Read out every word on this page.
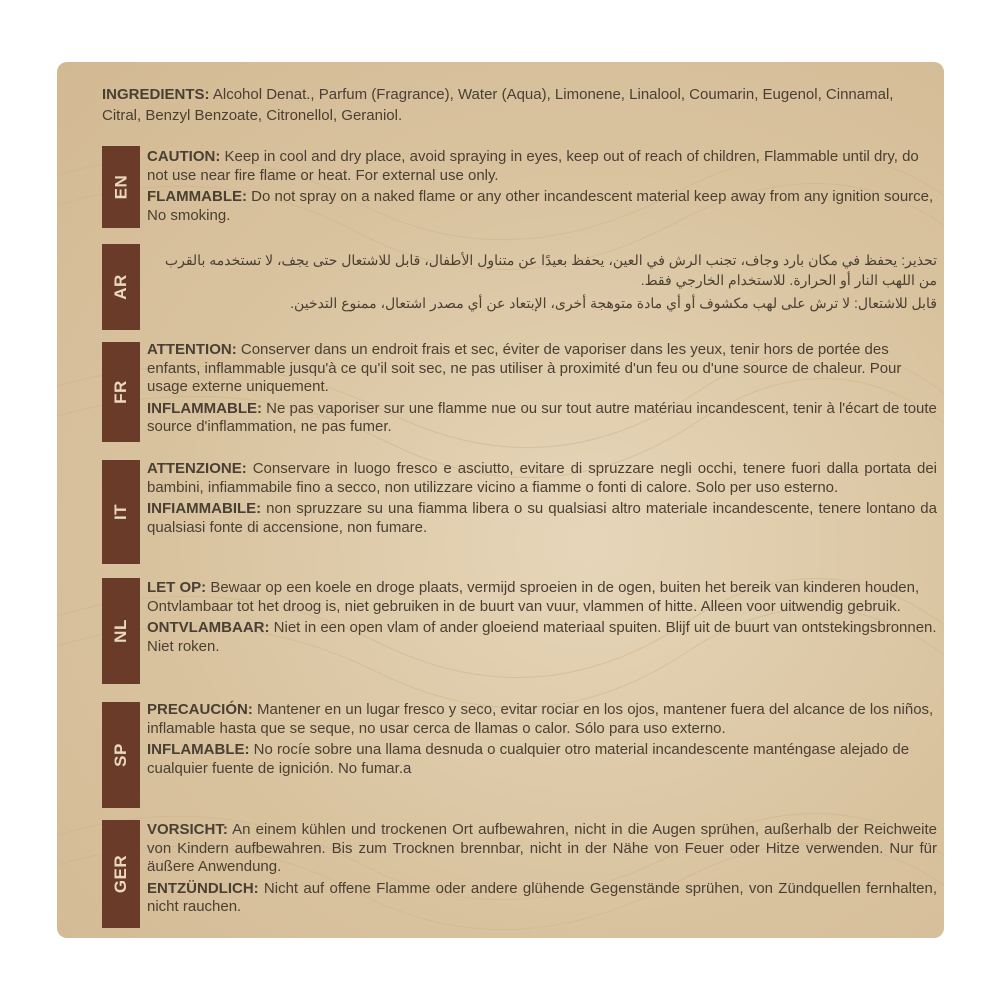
INGREDIENTS: Alcohol Denat., Parfum (Fragrance), Water (Aqua), Limonene, Linalool, Coumarin, Eugenol, Cinnamal, Citral, Benzyl Benzoate, Citronellol, Geraniol.
EN

CAUTION: Keep in cool and dry place, avoid spraying in eyes, keep out of reach of children, Flammable until dry, do not use near fire flame or heat. For external use only.

FLAMMABLE: Do not spray on a naked flame or any other incandescent material keep away from any ignition source, No smoking.

AR

تحذير: يحفظ في مكان بارد وجاف، تجنب الرش في العين، يحفظ بعيدًا عن متناول الأطفال، قابل للاشتعال حتى يجف، لا تستخدمه بالقرب من اللهب النار أو الحرارة. للاستخدام الخارجي فقط.

قابل للاشتعال: لا ترش على لهب مكشوف أو أي مادة متوهجة أخرى، الإبتعاد عن أي مصدر اشتعال، ممنوع التدخين.

FR

ATTENTION: Conserver dans un endroit frais et sec, éviter de vaporiser dans les yeux, tenir hors de portée des enfants, inflammable jusqu'à ce qu'il soit sec, ne pas utiliser à proximité d'un feu ou d'une source de chaleur. Pour usage externe uniquement.

INFLAMMABLE: Ne pas vaporiser sur une flamme nue ou sur tout autre matériau incandescent, tenir à l'écart de toute source d'inflammation, ne pas fumer.

IT

ATTENZIONE: Conservare in luogo fresco e asciutto, evitare di spruzzare negli occhi, tenere fuori dalla portata dei bambini, infiammabile fino a secco, non utilizzare vicino a fiamme o fonti di calore. Solo per uso esterno.

INFIAMMABILE: non spruzzare su una fiamma libera o su qualsiasi altro materiale incandescente, tenere lontano da qualsiasi fonte di accensione, non fumare.

NL

LET OP: Bewaar op een koele en droge plaats, vermijd sproeien in de ogen, buiten het bereik van kinderen houden, Ontvlambaar tot het droog is, niet gebruiken in de buurt van vuur, vlammen of hitte. Alleen voor uitwendig gebruik.

ONTVLAMBAAR: Niet in een open vlam of ander gloeiend materiaal spuiten. Blijf uit de buurt van ontstekingsbronnen. Niet roken.

SP

PRECAUCIÓN: Mantener en un lugar fresco y seco, evitar rociar en los ojos, mantener fuera del alcance de los niños, inflamable hasta que se seque, no usar cerca de llamas o calor. Sólo para uso externo.

INFLAMABLE: No rocíe sobre una llama desnuda o cualquier otro material incandescente manténgase alejado de cualquier fuente de ignición. No fumar.a

GER

VORSICHT: An einem kühlen und trockenen Ort aufbewahren, nicht in die Augen sprühen, außerhalb der Reichweite von Kindern aufbewahren. Bis zum Trocknen brennbar, nicht in der Nähe von Feuer oder Hitze verwenden. Nur für äußere Anwendung.

ENTZÜNDLICH: Nicht auf offene Flamme oder andere glühende Gegenstände sprühen, von Zündquellen fernhalten, nicht rauchen.
